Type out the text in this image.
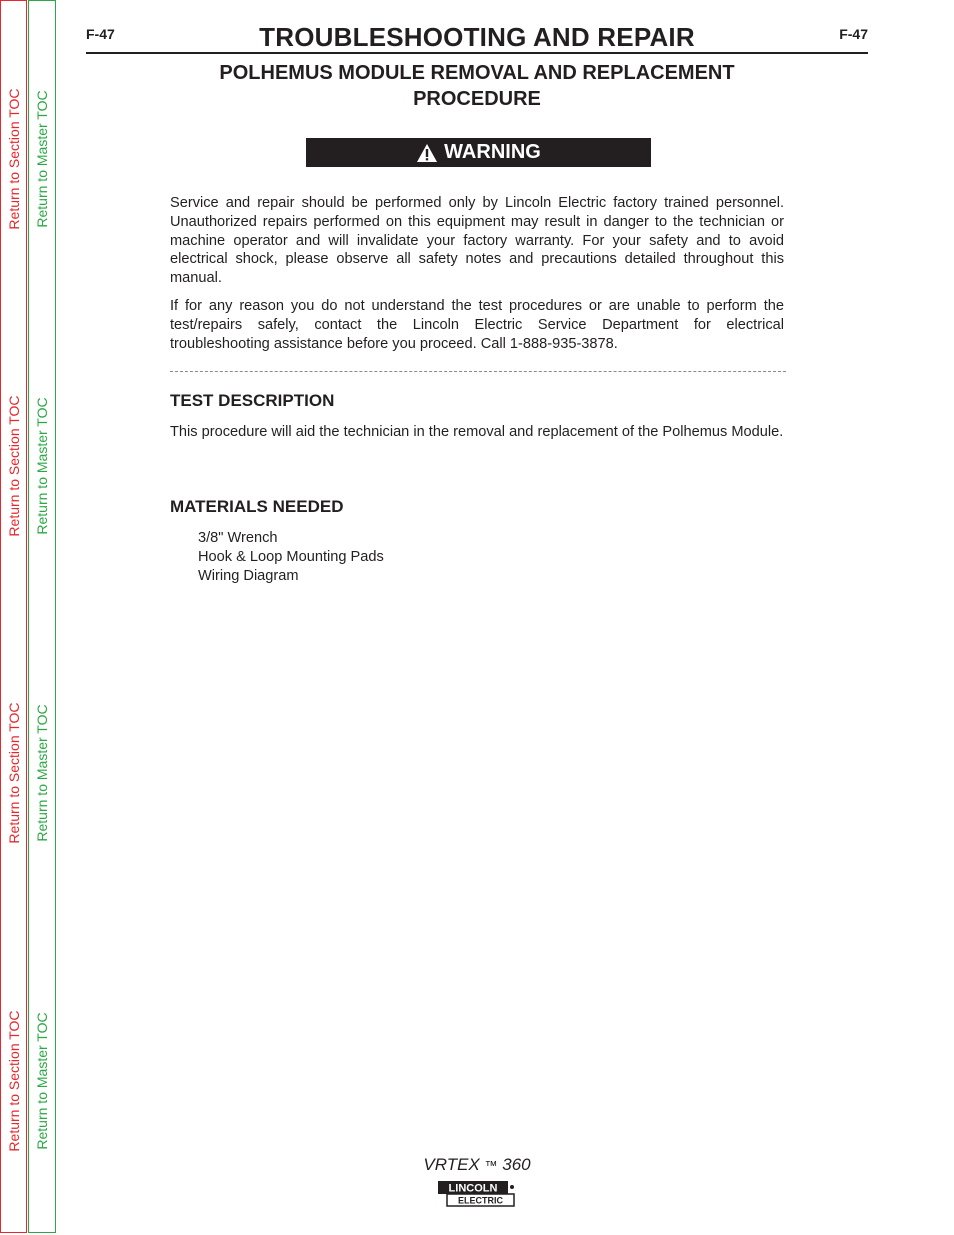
Return to Section TOC
Return to Section TOC
Return to Section TOC
Return to Section TOC
Return to Master TOC
Return to Master TOC
Return to Master TOC
Return to Master TOC
F-47	TROUBLESHOOTING AND REPAIR	F-47
POLHEMUS MODULE REMOVAL AND REPLACEMENT PROCEDURE
WARNING
Service and repair should be performed only by Lincoln Electric factory trained personnel. Unauthorized repairs performed on this equipment may result in danger to the technician or machine operator and will invalidate your factory warranty. For your safety and to avoid electrical shock, please observe all safety notes and precautions detailed throughout this manual.
If for any reason you do not understand the test procedures or are unable to perform the test/repairs safely, contact the Lincoln Electric Service Department for electrical troubleshooting assistance before you proceed. Call 1-888-935-3878.
TEST DESCRIPTION
This procedure will aid the technician in the removal and replacement of the Polhemus Module.
MATERIALS NEEDED
3/8" Wrench
Hook & Loop Mounting Pads
Wiring Diagram
VRTEX ™ 360
LINCOLN
ELECTRIC
